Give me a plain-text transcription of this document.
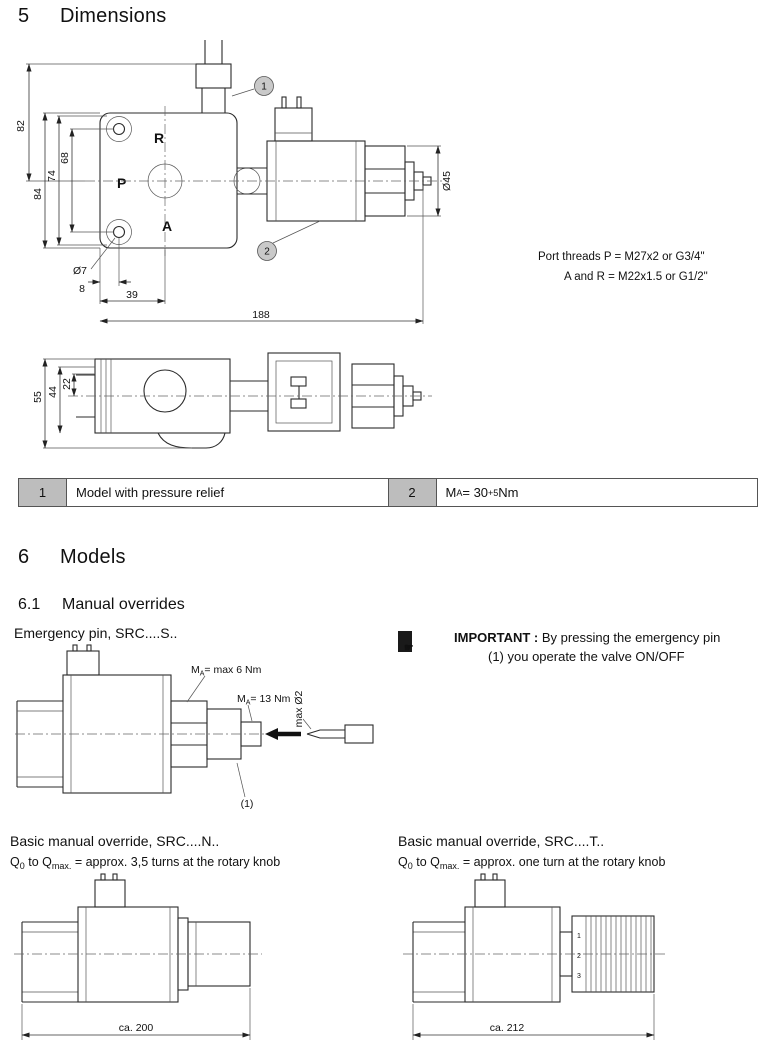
5	Dimensions
R
P
A
1
2
Ø45
82
84
74
68
Ø7
8	39
188
Port threads P = M27x2 or G3/4"
A and R = M22x1.5 or G1/2"
55 44
22
1	Model with pressure relief	2	M A = 30 +5 Nm
6	Models
6.1	Manual overrides
Emergency pin, SRC....S..
☛
IMPORTANT : By pressing the emergency pin
(1) you operate the valve ON/OFF
$M_A= \max 6$ Nm
$M_A= 13$ Nm max Ø2
(1)
Basic manual override, SRC....N..
$Q_0$ to $Q_{max.}$ = approx. 3,5 turns at the rotary knob
ca. 200
Basic manual override, SRC....T..
$Q_0$ to $Q_{max.}$ = approx. one turn at the rotary knob
1
2
3
ca. 212
